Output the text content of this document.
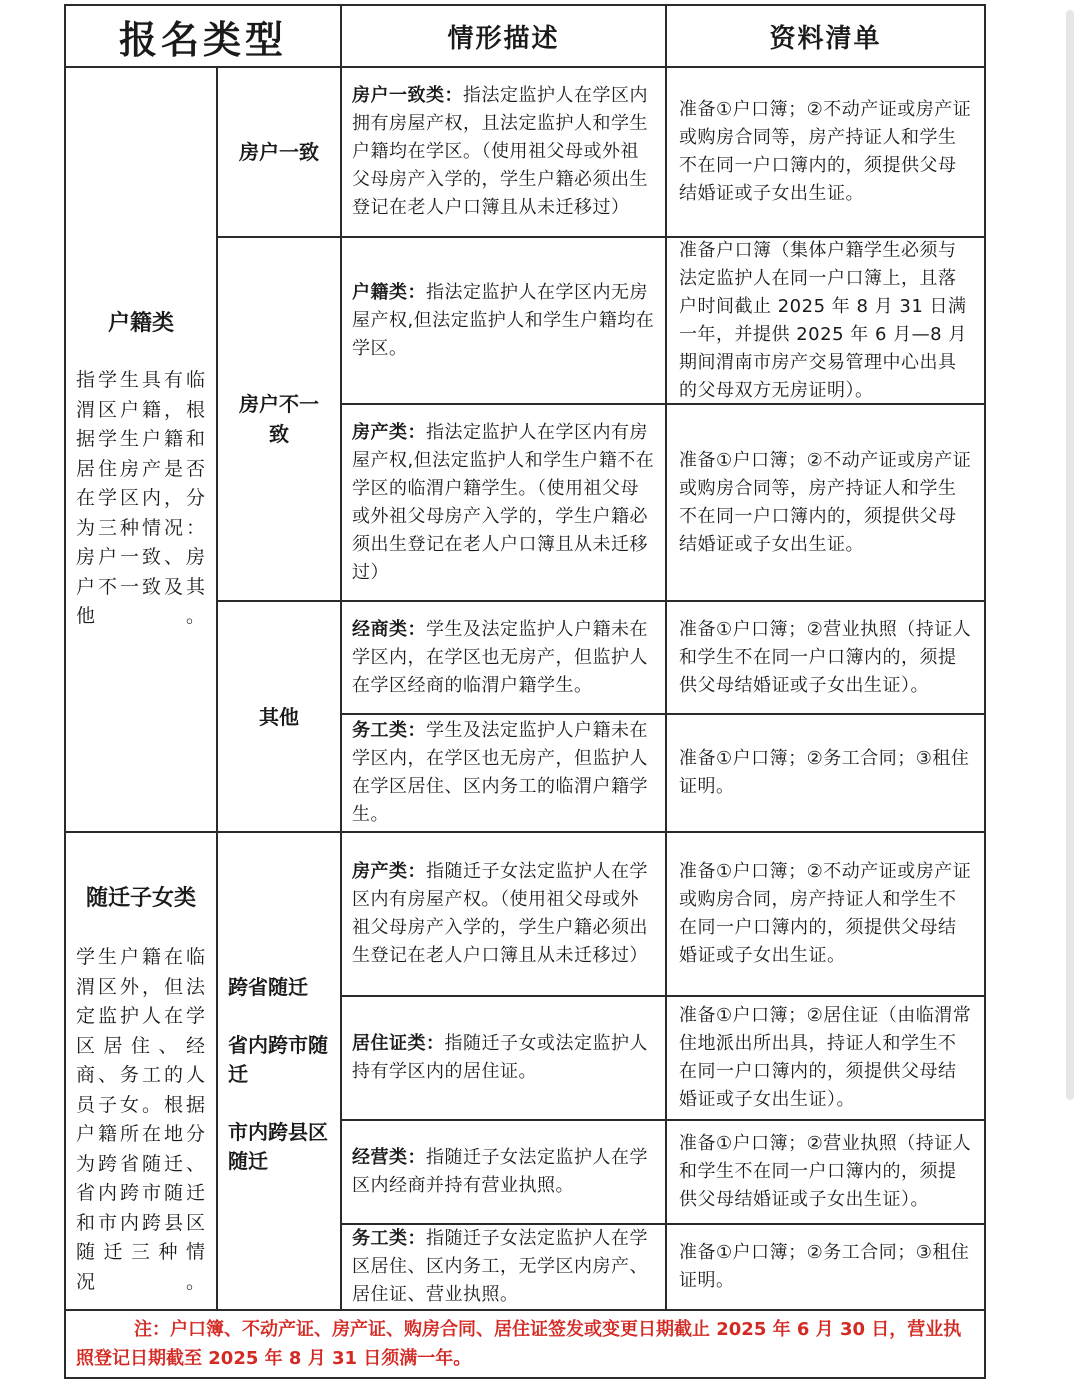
报名类型	情形描述	资料清单
户籍类
指学生具有临渭区户籍，根据学生户籍和居住房产是否在学区内，分为三种情况：房户一致、房户不一致及其他。
房户一致
房户不一致
其他
随迁子女类
学生户籍在临渭区外，但法定监护人在学区居住、经商、务工的人员子女。根据户籍所在地分为跨省随迁、省内跨市随迁和市内跨县区随迁三种情况。
跨省随迁
省内跨市随迁
市内跨县区随迁

房户一致类：指法定监护人在学区内拥有房屋产权，且法定监护人和学生户籍均在学区。（使用祖父母或外祖父母房产入学的，学生户籍必须出生登记在老人户口簿且从未迁移过）

准备①户口簿；②不动产证或房产证或购房合同等，房产持证人和学生不在同一户口簿内的，须提供父母结婚证或子女出生证。

户籍类：指法定监护人在学区内无房屋产权,但法定监护人和学生户籍均在学区。

准备户口簿（集体户籍学生必须与法定监护人在同一户口簿上，且落户时间截止 2025 年 8 月 31 日满一年，并提供 2025 年 6 月—8 月期间渭南市房产交易管理中心出具的父母双方无房证明）。

房产类：指法定监护人在学区内有房屋产权,但法定监护人和学生户籍不在学区的临渭户籍学生。（使用祖父母或外祖父母房产入学的，学生户籍必须出生登记在老人户口簿且从未迁移过）

准备①户口簿；②不动产证或房产证或购房合同等，房产持证人和学生不在同一户口簿内的，须提供父母结婚证或子女出生证。

经商类：学生及法定监护人户籍未在学区内，在学区也无房产，但监护人在学区经商的临渭户籍学生。

准备①户口簿；②营业执照（持证人和学生不在同一户口簿内的，须提供父母结婚证或子女出生证）。

务工类：学生及法定监护人户籍未在学区内，在学区也无房产，但监护人在学区居住、区内务工的临渭户籍学生。

准备①户口簿；②务工合同；③租住证明。

房产类：指随迁子女法定监护人在学区内有房屋产权。（使用祖父母或外祖父母房产入学的，学生户籍必须出生登记在老人户口簿且从未迁移过）

准备①户口簿；②不动产证或房产证或购房合同，房产持证人和学生不在同一户口簿内的，须提供父母结婚证或子女出生证。

居住证类：指随迁子女或法定监护人持有学区内的居住证。

准备①户口簿；②居住证（由临渭常住地派出所出具，持证人和学生不在同一户口簿内的，须提供父母结婚证或子女出生证）。

经营类：指随迁子女法定监护人在学区内经商并持有营业执照。

准备①户口簿；②营业执照（持证人和学生不在同一户口簿内的，须提供父母结婚证或子女出生证）。

务工类：指随迁子女法定监护人在学区居住、区内务工，无学区内房产、居住证、营业执照。

准备①户口簿；②务工合同；③租住证明。

注：户口簿、不动产证、房产证、购房合同、居住证签发或变更日期截止 2025 年 6 月 30 日，营业执照登记日期截至 2025 年 8 月 31 日须满一年。
